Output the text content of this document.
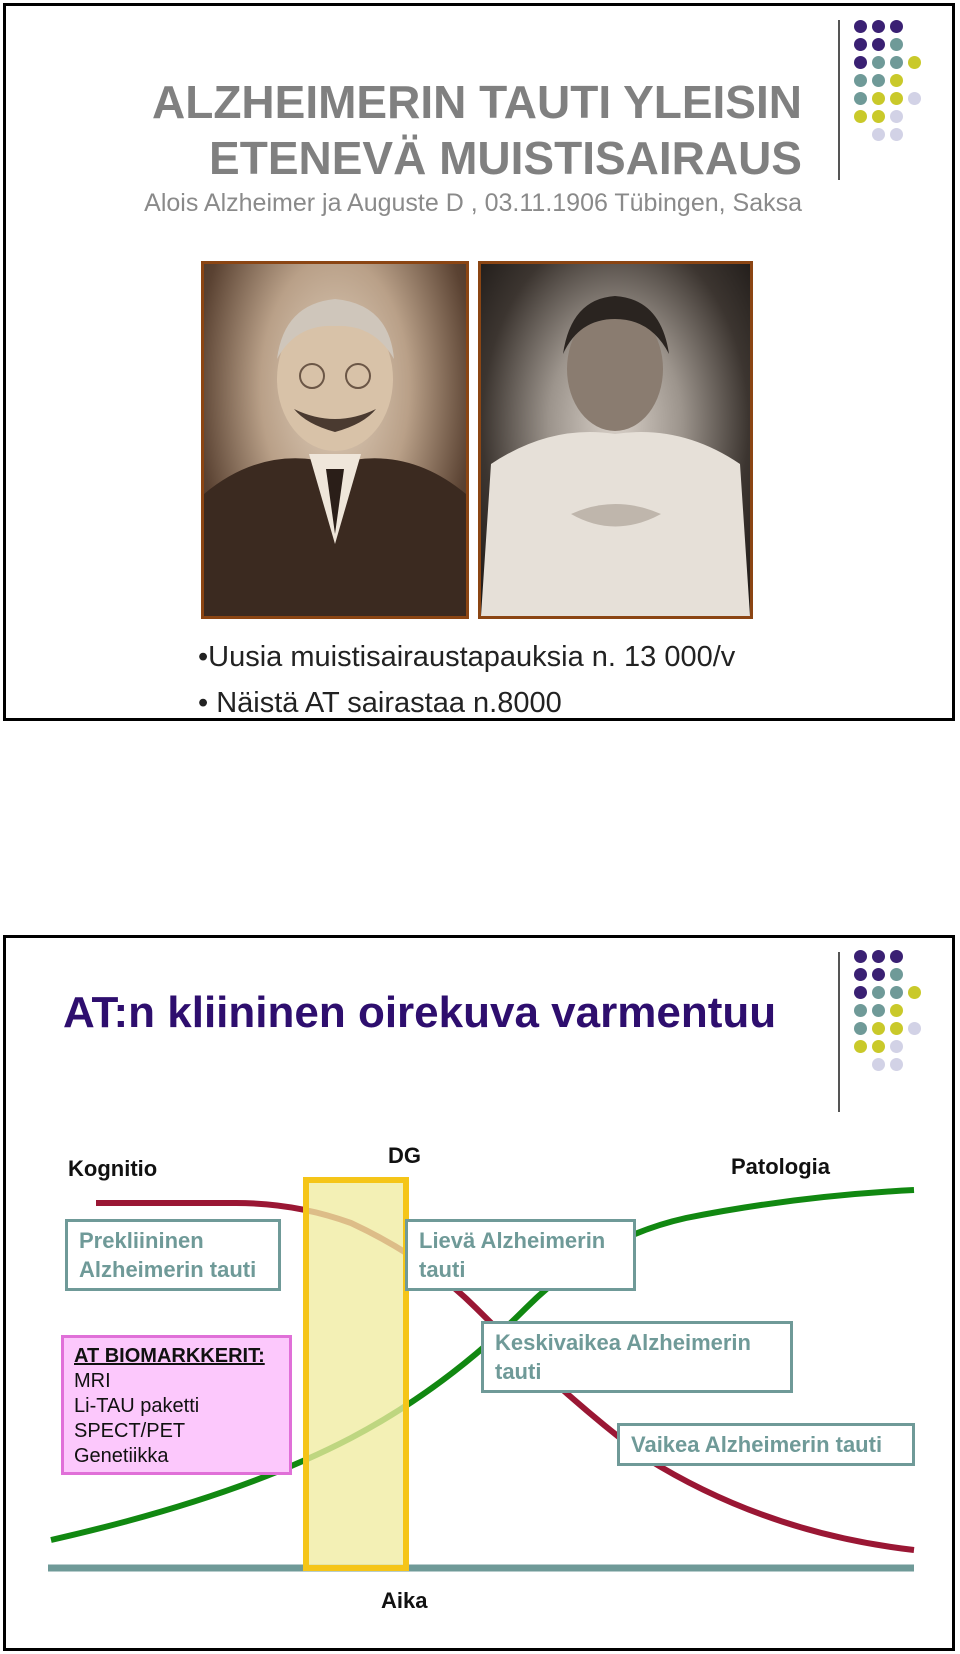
ALZHEIMERIN TAUTI YLEISIN
ETENEVÄ MUISTISAIRAUS
Alois Alzheimer ja Auguste D , 03.11.1906 Tübingen, Saksa
•Uusia muistisairaustapauksia n. 13 000/v
• Näistä AT sairastaa n.8000
AT:n kliininen oirekuva varmentuu
Kognitio
DG	Patologia
Aika
Prekliininen
Alzheimerin tauti
Lievä Alzheimerin
tauti
Keskivaikea Alzheimerin
tauti
Vaikea Alzheimerin tauti
AT BIOMARKKERIT:
MRI
Li-TAU paketti
SPECT/PET
Genetiikka
